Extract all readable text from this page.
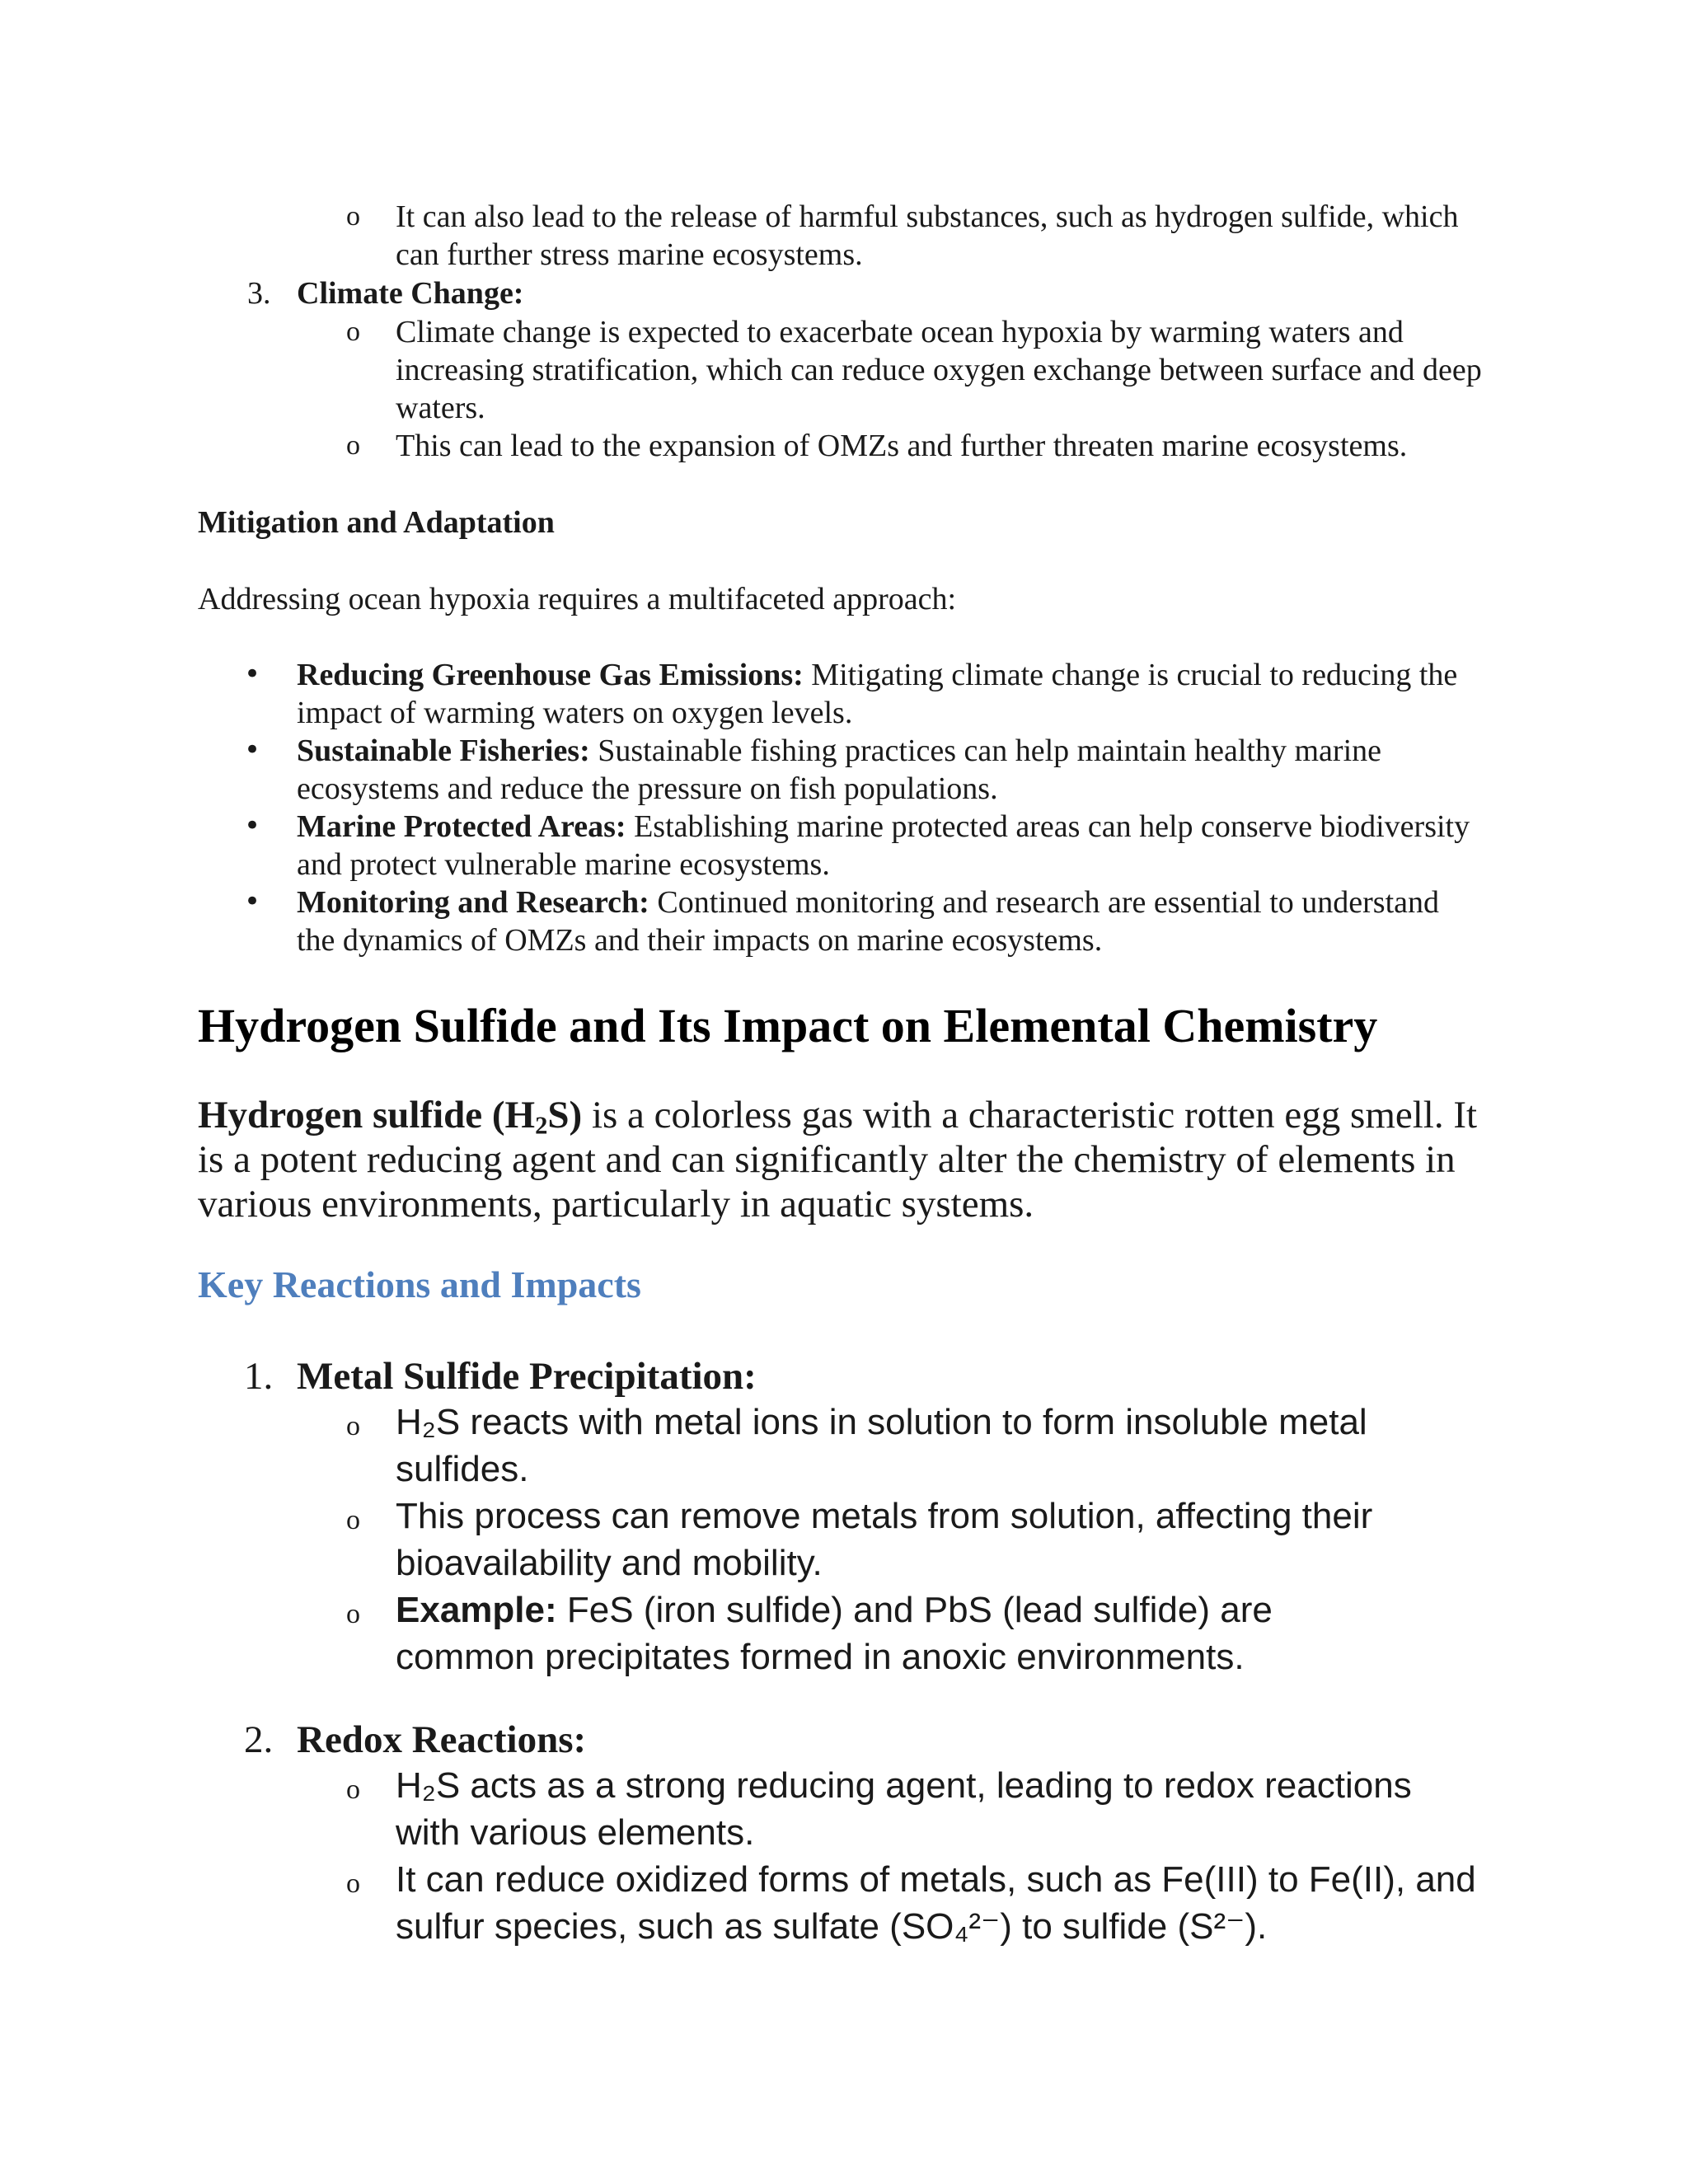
o It can also lead to the release of harmful substances, such as hydrogen sulfide, which can further stress marine ecosystems.
3. Climate Change:
o Climate change is expected to exacerbate ocean hypoxia by warming waters and increasing stratification, which can reduce oxygen exchange between surface and deep waters.
o This can lead to the expansion of OMZs and further threaten marine ecosystems.
Mitigation and Adaptation
Addressing ocean hypoxia requires a multifaceted approach:
• Reducing Greenhouse Gas Emissions: Mitigating climate change is crucial to reducing the impact of warming waters on oxygen levels.
• Sustainable Fisheries: Sustainable fishing practices can help maintain healthy marine ecosystems and reduce the pressure on fish populations.
• Marine Protected Areas: Establishing marine protected areas can help conserve biodiversity and protect vulnerable marine ecosystems.
• Monitoring and Research: Continued monitoring and research are essential to understand the dynamics of OMZs and their impacts on marine ecosystems.
Hydrogen Sulfide and Its Impact on Elemental Chemistry
Hydrogen sulfide $(H_2S)$ is a colorless gas with a characteristic rotten egg smell. It is a potent reducing agent and can significantly alter the chemistry of elements in various environments, particularly in aquatic systems.
Key Reactions and Impacts
1. Metal Sulfide Precipitation:
o H₂S reacts with metal ions in solution to form insoluble metal sulfides.
o This process can remove metals from solution, affecting their bioavailability and mobility.
o Example: FeS (iron sulfide) and PbS (lead sulfide) are common precipitates formed in anoxic environments.
2. Redox Reactions:
o H₂S acts as a strong reducing agent, leading to redox reactions with various elements.
o It can reduce oxidized forms of metals, such as Fe(III) to Fe(II), and sulfur species, such as sulfate (SO₄²⁻) to sulfide (S²⁻).
